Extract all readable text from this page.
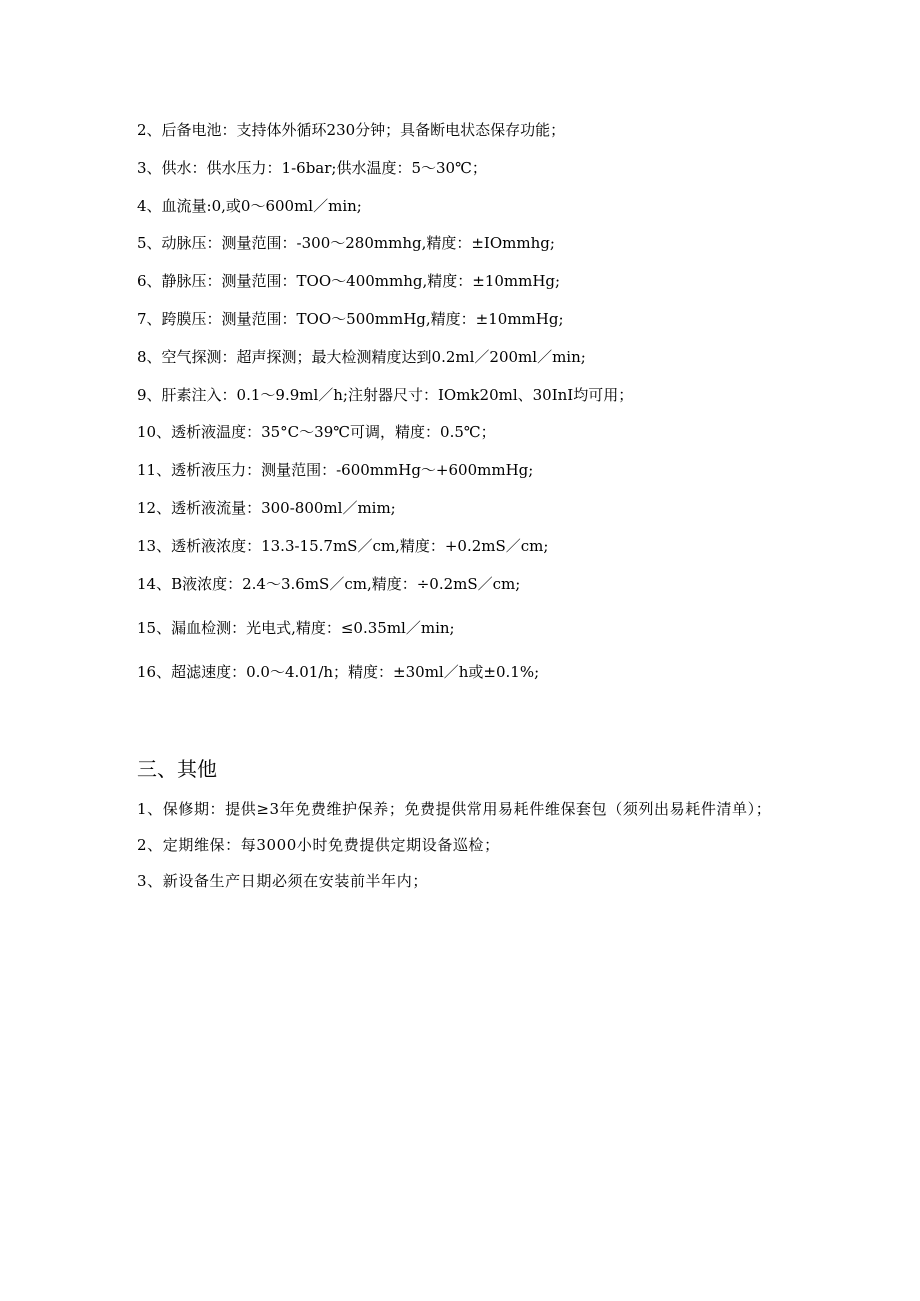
2、后备电池：支持体外循环230分钟；具备断电状态保存功能；
3、供水：供水压力：1-6bar;供水温度：5～30℃；
4、血流量:0,或0～600ml／min;
5、动脉压：测量范围：-300～280mmhg,精度：±IOmmhg;
6、静脉压：测量范围：TOO～400mmhg,精度：±10mmHg;
7、跨膜压：测量范围：TOO～500mmHg,精度：±10mmHg;
8、空气探测：超声探测；最大检测精度达到0.2ml／200ml／min;
9、肝素注入：0.1～9.9ml／h;注射器尺寸：IOmk20ml、30InI均可用；
10、透析液温度：35°C～39℃可调，精度：0.5℃；
11、透析液压力：测量范围：-600mmHg～+600mmHg;
12、透析液流量：300-800ml／mim;
13、透析液浓度：13.3-15.7mS／cm,精度：+0.2mS／cm;
14、B液浓度：2.4～3.6mS／cm,精度：÷0.2mS／cm;
15、漏血检测：光电式,精度：≤0.35ml／min;
16、超滤速度：0.0～4.01/h；精度：±30ml／h或±0.1%;
三、其他
1、保修期：提供≥3年免费维护保养；免费提供常用易耗件维保套包（须列出易耗件清单）；
2、定期维保：每3000小时免费提供定期设备巡检；
3、新设备生产日期必须在安装前半年内；
